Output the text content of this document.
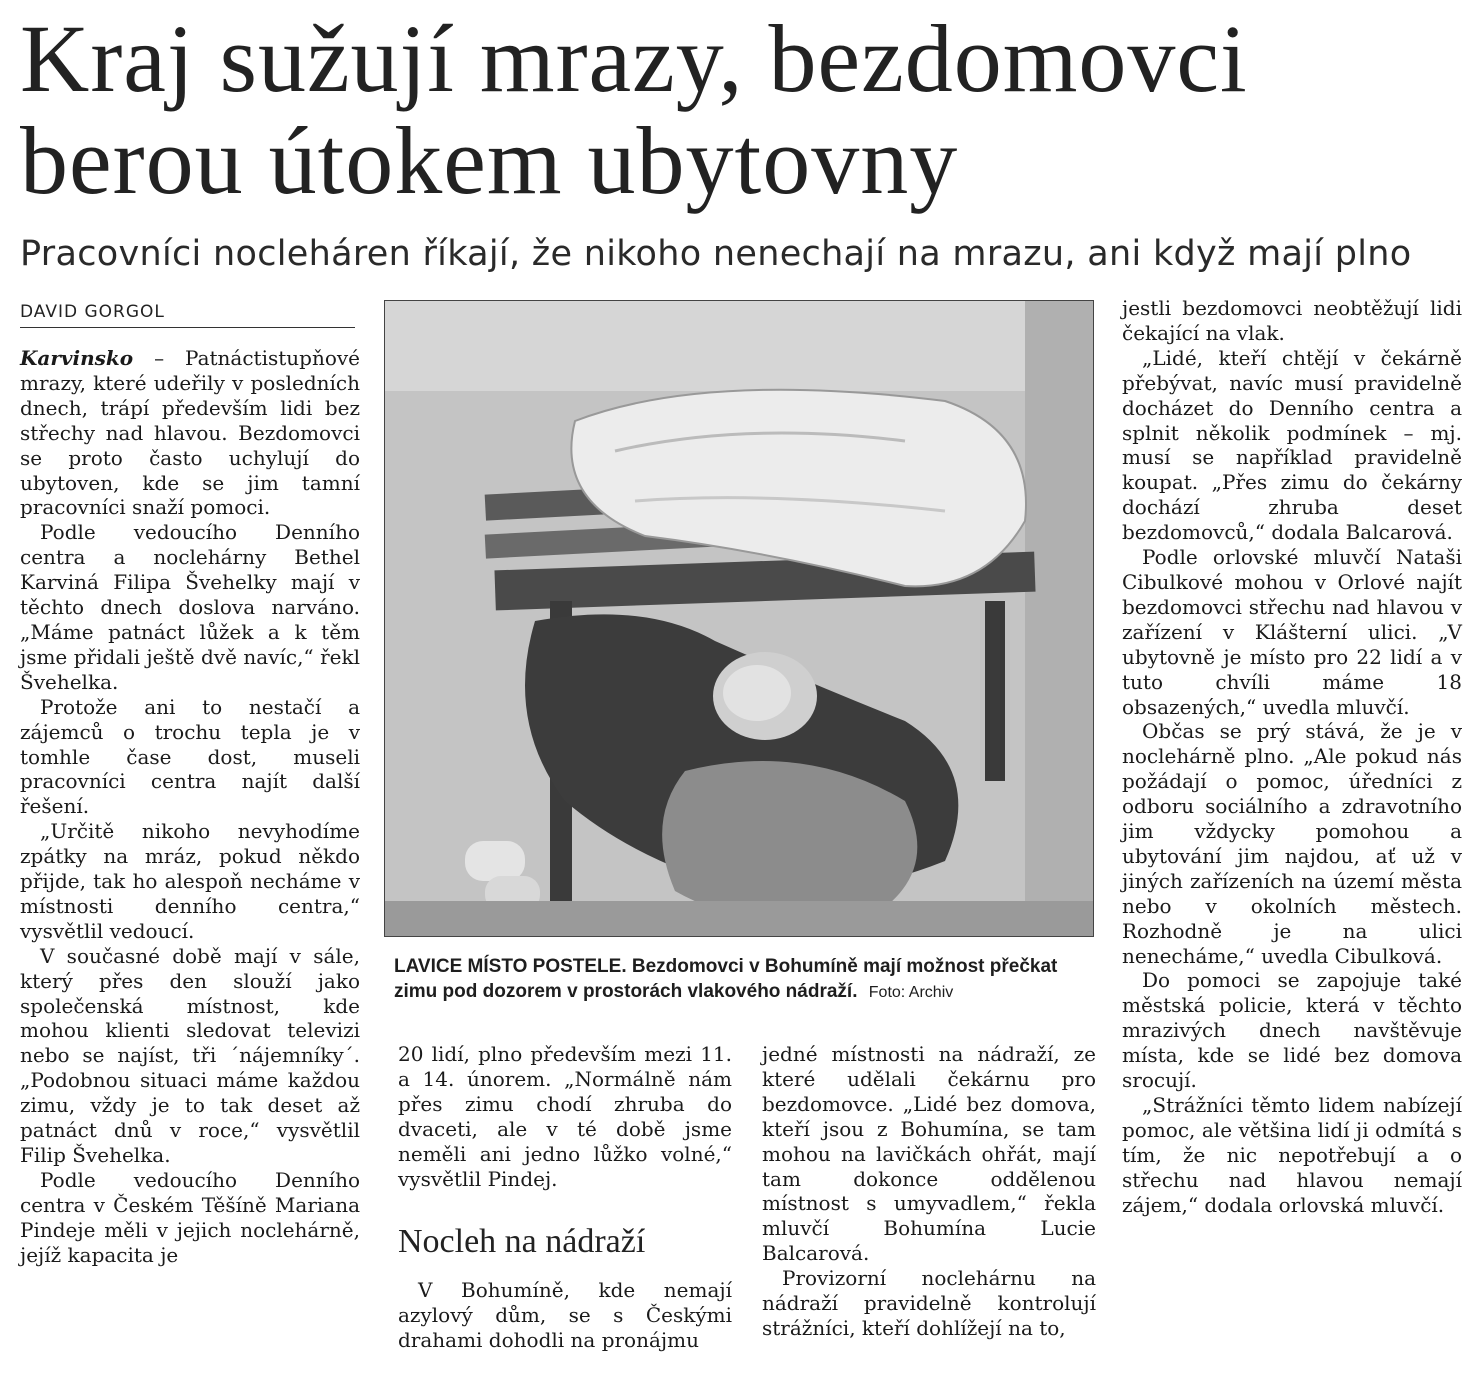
Kraj sužují mrazy, bezdomovci berou útokem ubytovny
Pracovníci nocleháren říkají, že nikoho nenechají na mrazu, ani když mají plno
DAVID GORGOL

Karvinsko – Patnáctistupňové mrazy, které udeřily v posledních dnech, trápí především lidi bez střechy nad hlavou. Bezdomovci se proto často uchylují do ubytoven, kde se jim tamní pracovníci snaží pomoci.

Podle vedoucího Denního centra a noclehárny Bethel Karviná Filipa Švehelky mají v těchto dnech doslova narváno. „Máme patnáct lůžek a k těm jsme přidali ještě dvě navíc,“ řekl Švehelka.

Protože ani to nestačí a zájemců o trochu tepla je v tomhle čase dost, museli pracovníci centra najít další řešení.

„Určitě nikoho nevyhodíme zpátky na mráz, pokud někdo přijde, tak ho alespoň necháme v místnosti denního centra,“ vysvětlil vedoucí.

V současné době mají v sále, který přes den slouží jako společenská místnost, kde mohou klienti sledovat televizi nebo se najíst, tři ´nájemníky´. „Podobnou situaci máme každou zimu, vždy je to tak deset až patnáct dnů v roce,“ vysvětlil Filip Švehelka.

Podle vedoucího Denního centra v Českém Těšíně Mariana Pindeje měli v jejich noclehárně, jejíž kapacita je

LAVICE MÍSTO POSTELE. Bezdomovci v Bohumíně mají možnost přečkat zimu pod dozorem v prostorách vlakového nádraží. Foto: Archiv

20 lidí, plno především mezi 11. a 14. únorem. „Normálně nám přes zimu chodí zhruba do dvaceti, ale v té době jsme neměli ani jedno lůžko volné,“ vysvětlil Pindej.

Nocleh na nádraží

V Bohumíně, kde nemají azylový dům, se s Českými drahami dohodli na pronájmu

jedné místnosti na nádraží, ze které udělali čekárnu pro bezdomovce. „Lidé bez domova, kteří jsou z Bohumína, se tam mohou na lavičkách ohřát, mají tam dokonce oddělenou místnost s umyvadlem,“ řekla mluvčí Bohumína Lucie Balcarová.

Provizorní noclehárnu na nádraží pravidelně kontrolují strážníci, kteří dohlížejí na to,

jestli bezdomovci neobtěžují lidi čekající na vlak.

„Lidé, kteří chtějí v čekárně přebývat, navíc musí pravidelně docházet do Denního centra a splnit několik podmínek – mj. musí se například pravidelně koupat. „Přes zimu do čekárny dochází zhruba deset bezdomovců,“ dodala Balcarová.

Podle orlovské mluvčí Nataši Cibulkové mohou v Orlové najít bezdomovci střechu nad hlavou v zařízení v Klášterní ulici. „V ubytovně je místo pro 22 lidí a v tuto chvíli máme 18 obsazených,“ uvedla mluvčí.

Občas se prý stává, že je v noclehárně plno. „Ale pokud nás požádají o pomoc, úředníci z odboru sociálního a zdravotního jim vždycky pomohou a ubytování jim najdou, ať už v jiných zařízeních na území města nebo v okolních městech. Rozhodně je na ulici nenecháme,“ uvedla Cibulková.

Do pomoci se zapojuje také městská policie, která v těchto mrazivých dnech navštěvuje místa, kde se lidé bez domova srocují.

„Strážníci těmto lidem nabízejí pomoc, ale většina lidí ji odmítá s tím, že nic nepotřebují a o střechu nad hlavou nemají zájem,“ dodala orlovská mluvčí.
